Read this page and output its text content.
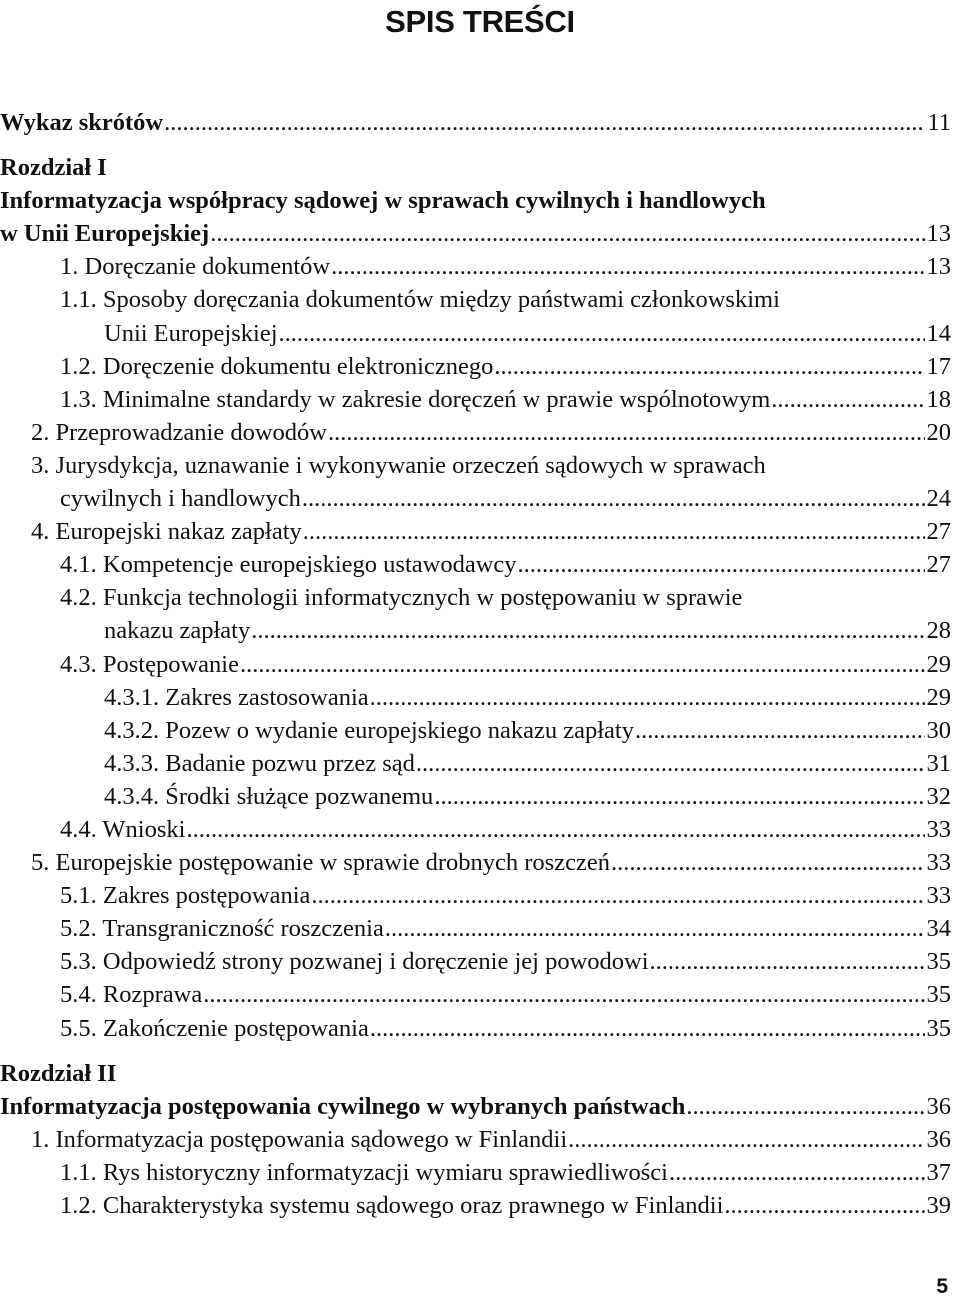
SPIS TREŚCI
Wykaz skrótów .....	11
Rozdział I
Informatyzacja współpracy sądowej w sprawach cywilnych i handlowych
w Unii Europejskiej .....	13
1. Doręczanie dokumentów .....	13
1.1. Sposoby doręczania dokumentów między państwami członkowskimi
Unii Europejskiej .....	14
1.2. Doręczenie dokumentu elektronicznego .....	17
1.3. Minimalne standardy w zakresie doręczeń w prawie wspólnotowym .....	18
2. Przeprowadzanie dowodów .....	20
3. Jurysdykcja, uznawanie i wykonywanie orzeczeń sądowych w sprawach
cywilnych i handlowych .....	24
4. Europejski nakaz zapłaty .....	27
4.1. Kompetencje europejskiego ustawodawcy .....	27
4.2. Funkcja technologii informatycznych w postępowaniu w sprawie
nakazu zapłaty .....	28
4.3. Postępowanie .....	29
4.3.1. Zakres zastosowania .....	29
4.3.2. Pozew o wydanie europejskiego nakazu zapłaty .....	30
4.3.3. Badanie pozwu przez sąd .....	31
4.3.4. Środki służące pozwanemu .....	32
4.4. Wnioski .....	33
5. Europejskie postępowanie w sprawie drobnych roszczeń .....	33
5.1. Zakres postępowania .....	33
5.2. Transgraniczność roszczenia .....	34
5.3. Odpowiedź strony pozwanej i doręczenie jej powodowi .....	35
5.4. Rozprawa .....	35
5.5. Zakończenie postępowania .....	35
Rozdział II
Informatyzacja postępowania cywilnego w wybranych państwach .....	36
1. Informatyzacja postępowania sądowego w Finlandii .....	36
1.1. Rys historyczny informatyzacji wymiaru sprawiedliwości .....	37
1.2. Charakterystyka systemu sądowego oraz prawnego w Finlandii .....	39
5
